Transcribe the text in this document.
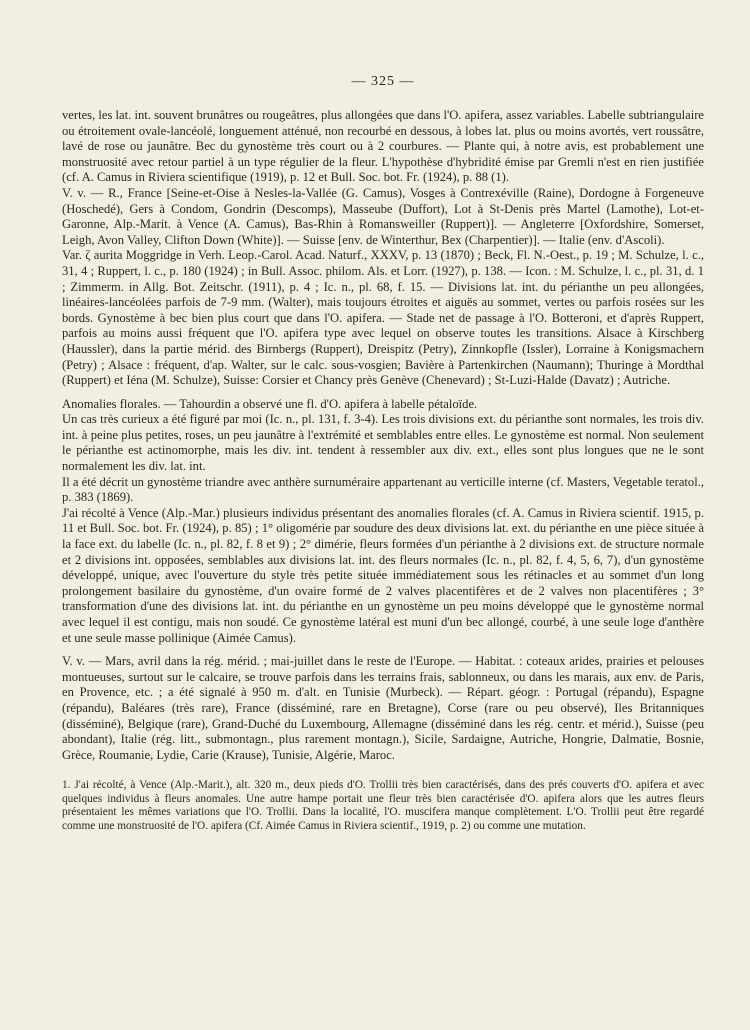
— 325 —

vertes, les lat. int. souvent brunâtres ou rougeâtres, plus allongées que dans l'O. apifera, assez variables. Labelle subtriangulaire ou étroitement ovale-lancéolé, longuement atténué, non recourbé en dessous, à lobes lat. plus ou moins avortés, vert roussâtre, lavé de rose ou jaunâtre. Bec du gynostème très court ou à 2 courbures. — Plante qui, à notre avis, est probablement une monstruosité avec retour partiel à un type régulier de la fleur. L'hypothèse d'hybridité émise par Gremli n'est en rien justifiée (cf. A. Camus in Riviera scientifique (1919), p. 12 et Bull. Soc. bot. Fr. (1924), p. 88 (1).

V. v. — R., France [Seine-et-Oise à Nesles-la-Vallée (G. Camus), Vosges à Contrexéville (Raine), Dordogne à Forgeneuve (Hoschedé), Gers à Condom, Gondrin (Descomps), Masseube (Duffort), Lot à St-Denis près Martel (Lamothe), Lot-et-Garonne, Alp.-Marit. à Vence (A. Camus), Bas-Rhin à Romansweiller (Ruppert)]. — Angleterre [Oxfordshire, Somerset, Leigh, Avon Valley, Clifton Down (White)]. — Suisse [env. de Winterthur, Bex (Charpentier)]. — Italie (env. d'Ascoli).

Var. ζ aurita Moggridge in Verh. Leop.-Carol. Acad. Naturf., XXXV, p. 13 (1870) ; Beck, Fl. N.-Oest., p. 19 ; M. Schulze, l. c., 31, 4 ; Ruppert, l. c., p. 180 (1924) ; in Bull. Assoc. philom. Als. et Lorr. (1927), p. 138. — Icon. : M. Schulze, l. c., pl. 31, d. 1 ; Zimmerm. in Allg. Bot. Zeitschr. (1911), p. 4 ; Ic. n., pl. 68, f. 15. — Divisions lat. int. du périanthe un peu allongées, linéaires-lancéolées parfois de 7-9 mm. (Walter), mais toujours étroites et aiguës au sommet, vertes ou parfois rosées sur les bords. Gynostème à bec bien plus court que dans l'O. apifera. — Stade net de passage à l'O. Botteroni, et d'après Ruppert, parfois au moins aussi fréquent que l'O. apifera type avec lequel on observe toutes les transitions. Alsace à Kirschberg (Haussler), dans la partie mérid. des Birnbergs (Ruppert), Dreispitz (Petry), Zinnkopfle (Issler), Lorraine à Konigsmachern (Petry) ; Alsace : fréquent, d'ap. Walter, sur le calc. sous-vosgien; Bavière à Partenkirchen (Naumann); Thuringe à Mordthal (Ruppert) et Iéna (M. Schulze), Suisse: Corsier et Chancy près Genève (Chenevard) ; St-Luzi-Halde (Davatz) ; Autriche.

Anomalies florales. — Tahourdin a observé une fl. d'O. apifera à labelle pétaloïde.

Un cas très curieux a été figuré par moi (Ic. n., pl. 131, f. 3-4). Les trois divisions ext. du périanthe sont normales, les trois div. int. à peine plus petites, roses, un peu jaunâtre à l'extrémité et semblables entre elles. Le gynostème est normal. Non seulement le périanthe est actinomorphe, mais les div. int. tendent à ressembler aux div. ext., elles sont plus longues que ne le sont normalement les div. lat. int.

Il a été décrit un gynostème triandre avec anthère surnuméraire appartenant au verticille interne (cf. Masters, Vegetable teratol., p. 383 (1869).

J'ai récolté à Vence (Alp.-Mar.) plusieurs individus présentant des anomalies florales (cf. A. Camus in Riviera scientif. 1915, p. 11 et Bull. Soc. bot. Fr. (1924), p. 85) ; 1° oligomérie par soudure des deux divisions lat. ext. du périanthe en une pièce située à la face ext. du labelle (Ic. n., pl. 82, f. 8 et 9) ; 2° dimérie, fleurs formées d'un périanthe à 2 divisions ext. de structure normale et 2 divisions int. opposées, semblables aux divisions lat. int. des fleurs normales (Ic. n., pl. 82, f. 4, 5, 6, 7), d'un gynostème développé, unique, avec l'ouverture du style très petite située immédiatement sous les rétinacles et au sommet d'un long prolongement basilaire du gynostème, d'un ovaire formé de 2 valves placentifères et de 2 valves non placentifères ; 3° transformation d'une des divisions lat. int. du périanthe en un gynostème un peu moins développé que le gynostème normal avec lequel il est contigu, mais non soudé. Ce gynostème latéral est muni d'un bec allongé, courbé, à une seule loge d'anthère et une seule masse pollinique (Aimée Camus).

V. v. — Mars, avril dans la rég. mérid. ; mai-juillet dans le reste de l'Europe. — Habitat. : coteaux arides, prairies et pelouses montueuses, surtout sur le calcaire, se trouve parfois dans les terrains frais, sablonneux, ou dans les marais, aux env. de Paris, en Provence, etc. ; a été signalé à 950 m. d'alt. en Tunisie (Murbeck). — Répart. géogr. : Portugal (répandu), Espagne (répandu), Baléares (très rare), France (disséminé, rare en Bretagne), Corse (rare ou peu observé), Iles Britanniques (disséminé), Belgique (rare), Grand-Duché du Luxembourg, Allemagne (disséminé dans les rég. centr. et mérid.), Suisse (peu abondant), Italie (rég. litt., submontagn., plus rarement montagn.), Sicile, Sardaigne, Autriche, Hongrie, Dalmatie, Bosnie, Grèce, Roumanie, Lydie, Carie (Krause), Tunisie, Algérie, Maroc.

1. J'ai récolté, à Vence (Alp.-Marit.), alt. 320 m., deux pieds d'O. Trollii très bien caractérisés, dans des prés couverts d'O. apifera et avec quelques individus à fleurs anomales. Une autre hampe portait une fleur très bien caractérisée d'O. apifera alors que les autres fleurs présentaient les mêmes variations que l'O. Trollii. Dans la localité, l'O. muscifera manque complètement. L'O. Trollii peut être regardé comme une monstruosité de l'O. apifera (Cf. Aimée Camus in Riviera scientif., 1919, p. 2) ou comme une mutation.
